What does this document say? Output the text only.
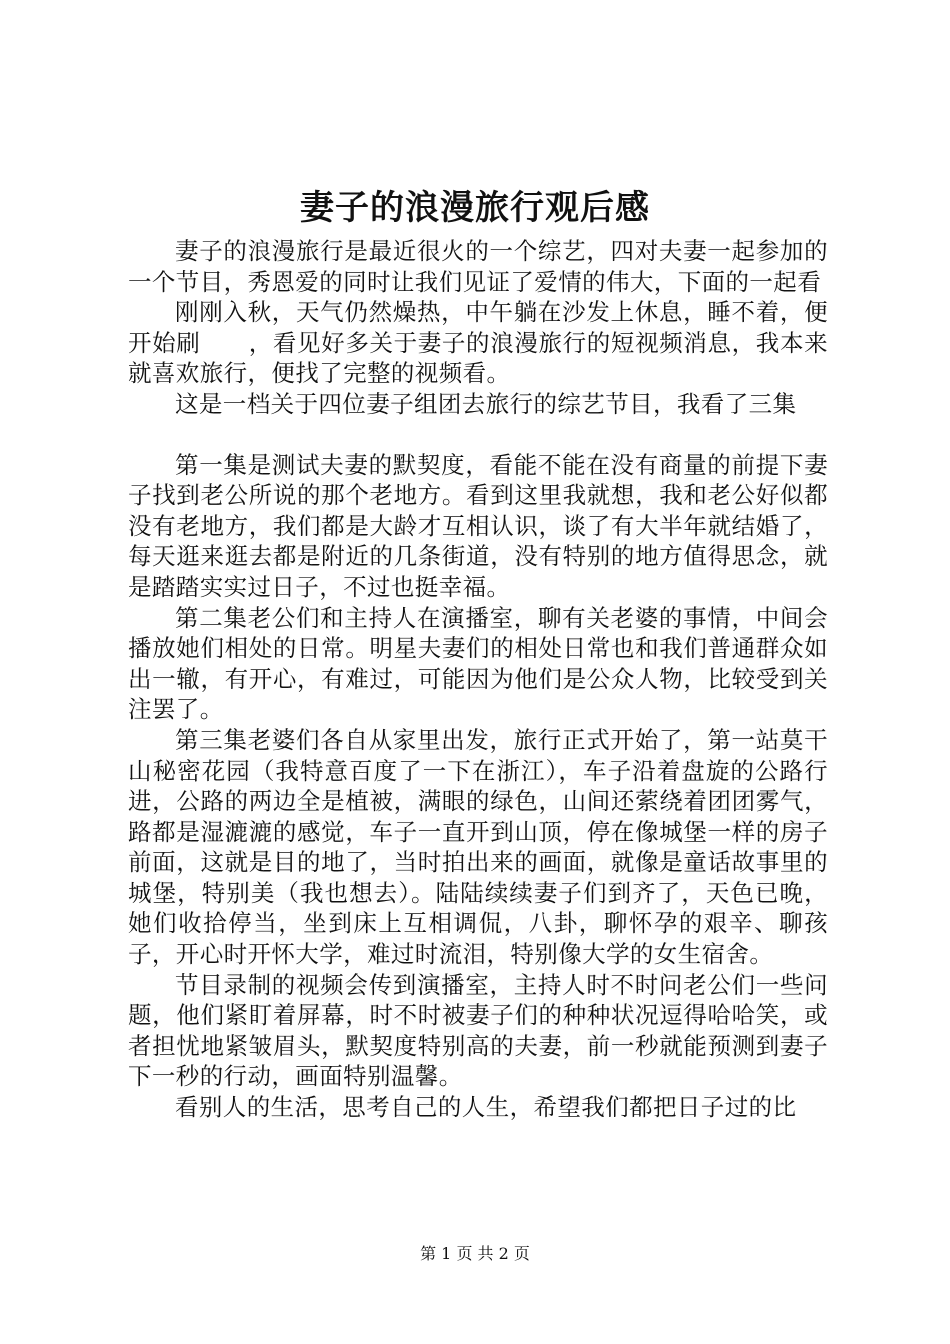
妻子的浪漫旅行观后感

妻子的浪漫旅行是最近很火的一个综艺，四对夫妻一起参加的一个节目，秀恩爱的同时让我们见证了爱情的伟大，下面的一起看

刚刚入秋，天气仍然燥热，中午躺在沙发上休息，睡不着，便开始刷　　，看见好多关于妻子的浪漫旅行的短视频消息，我本来就喜欢旅行，便找了完整的视频看。

这是一档关于四位妻子组团去旅行的综艺节目，我看了三集

第一集是测试夫妻的默契度，看能不能在没有商量的前提下妻子找到老公所说的那个老地方。看到这里我就想，我和老公好似都没有老地方，我们都是大龄才互相认识，谈了有大半年就结婚了，每天逛来逛去都是附近的几条街道，没有特别的地方值得思念，就是踏踏实实过日子，不过也挺幸福。

第二集老公们和主持人在演播室，聊有关老婆的事情，中间会播放她们相处的日常。明星夫妻们的相处日常也和我们普通群众如出一辙，有开心，有难过，可能因为他们是公众人物，比较受到关注罢了。

第三集老婆们各自从家里出发，旅行正式开始了，第一站莫干山秘密花园（我特意百度了一下在浙江），车子沿着盘旋的公路行进，公路的两边全是植被，满眼的绿色，山间还萦绕着团团雾气，路都是湿漉漉的感觉，车子一直开到山顶，停在像城堡一样的房子前面，这就是目的地了，当时拍出来的画面，就像是童话故事里的城堡，特别美（我也想去）。陆陆续续妻子们到齐了，天色已晚，她们收拾停当，坐到床上互相调侃，八卦，聊怀孕的艰辛、聊孩子，开心时开怀大学，难过时流泪，特别像大学的女生宿舍。

节目录制的视频会传到演播室，主持人时不时问老公们一些问题，他们紧盯着屏幕，时不时被妻子们的种种状况逗得哈哈笑，或者担忧地紧皱眉头，默契度特别高的夫妻，前一秒就能预测到妻子下一秒的行动，画面特别温馨。

看别人的生活，思考自己的人生，希望我们都把日子过的比

第 1 页 共 2 页
